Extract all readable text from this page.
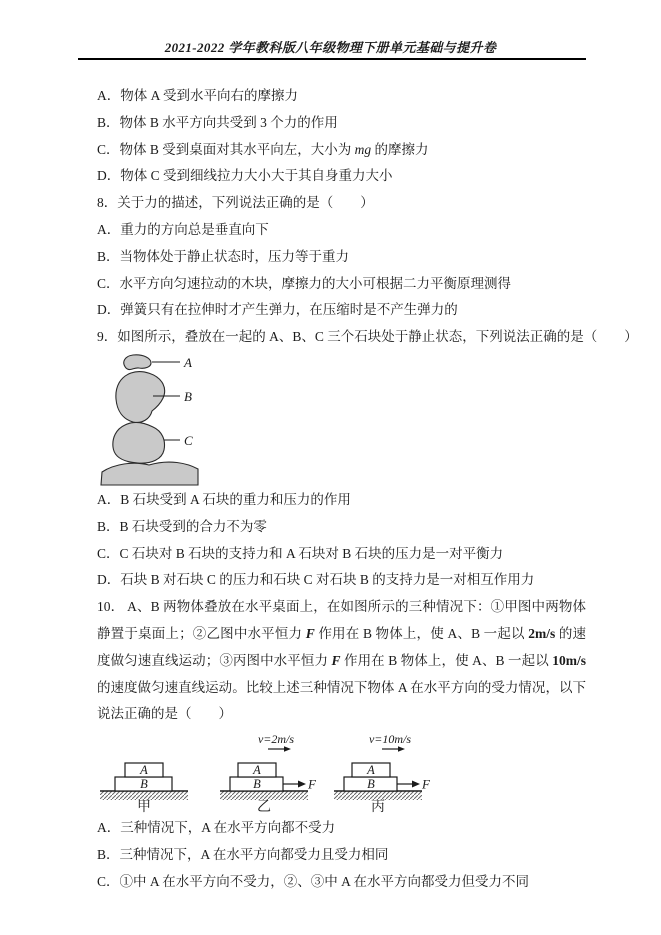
2021-2022 学年教科版八年级物理下册单元基础与提升卷

A．物体 A 受到水平向右的摩擦力

B．物体 B 水平方向共受到 3 个力的作用

C．物体 B 受到桌面对其水平向左，大小为 mg 的摩擦力

D．物体 C 受到细线拉力大小大于其自身重力大小

8．关于力的描述，下列说法正确的是（　　）

A．重力的方向总是垂直向下

B．当物体处于静止状态时，压力等于重力

C．水平方向匀速拉动的木块，摩擦力的大小可根据二力平衡原理测得

D．弹簧只有在拉伸时才产生弹力，在压缩时是不产生弹力的

9．如图所示，叠放在一起的 A、B、C 三个石块处于静止状态，下列说法正确的是（　　）

A
B
C

A．B 石块受到 A 石块的重力和压力的作用

B．B 石块受到的合力不为零

C．C 石块对 B 石块的支持力和 A 石块对 B 石块的压力是一对平衡力

D．石块 B 对石块 C 的压力和石块 C 对石块 B 的支持力是一对相互作用力

10． A、B 两物体叠放在水平桌面上，在如图所示的三种情况下：①甲图中两物体静置于桌面上；②乙图中水平恒力 F 作用在 B 物体上，使 A、B 一起以 2m/s 的速度做匀速直线运动；③丙图中水平恒力 F 作用在 B 物体上，使 A、B 一起以 10m/s 的速度做匀速直线运动。比较上述三种情况下物体 A 在水平方向的受力情况，以下说法正确的是（　　）

A
B
甲
v=2m/s
A
B	F
乙
v=10m/s
A
B	F
丙

A．三种情况下，A 在水平方向都不受力

B．三种情况下，A 在水平方向都受力且受力相同

C．①中 A 在水平方向不受力，②、③中 A 在水平方向都受力但受力不同
